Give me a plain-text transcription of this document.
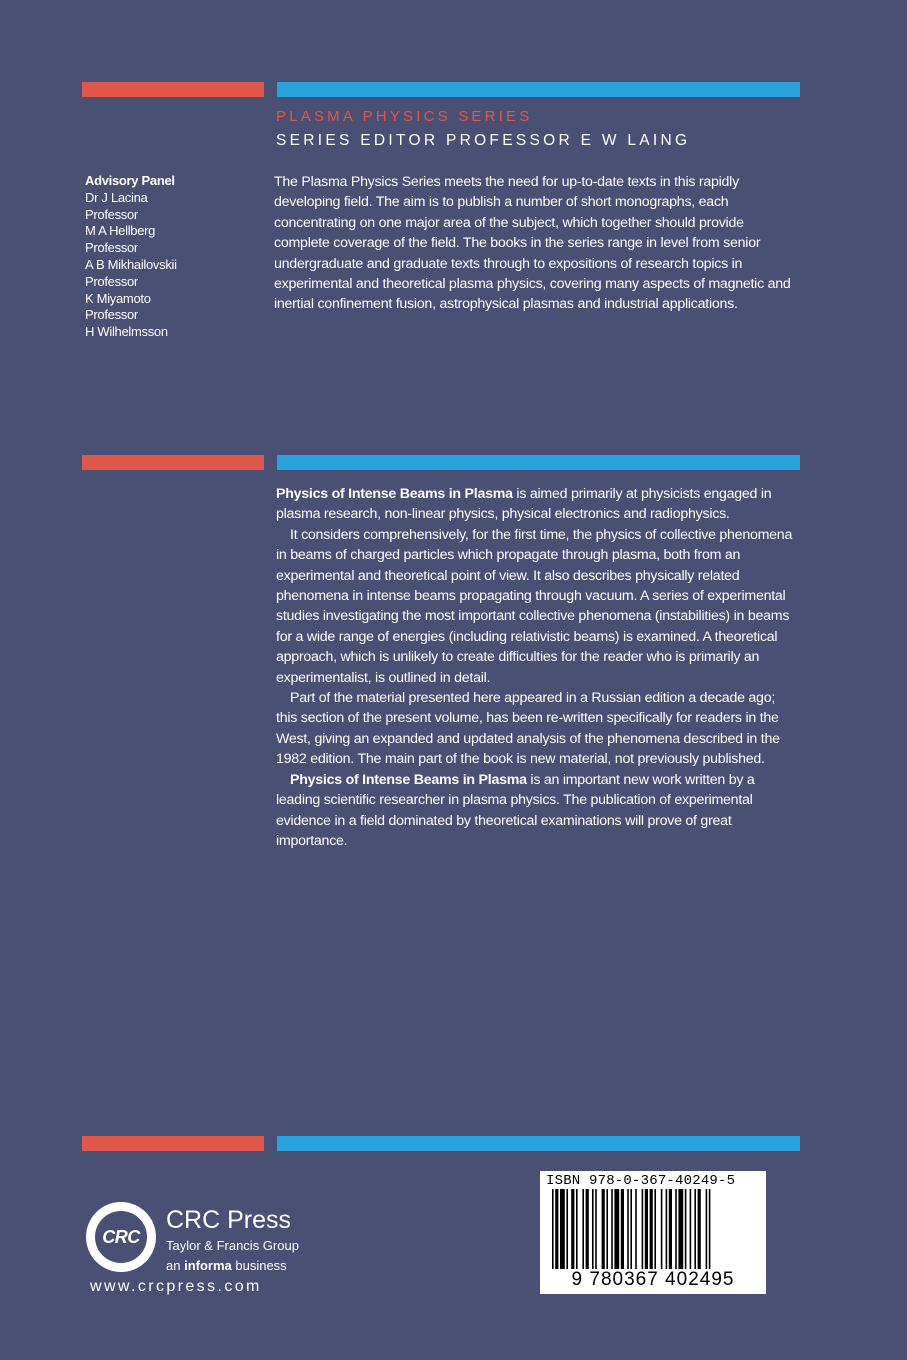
PLASMA PHYSICS SERIES
SERIES EDITOR PROFESSOR E W LAING
Advisory Panel
Dr J Lacina
Professor
M A Hellberg
Professor
A B Mikhailovskii
Professor
K Miyamoto
Professor
H Wilhelmsson
The Plasma Physics Series meets the need for up-to-date texts in this rapidly developing field. The aim is to publish a number of short monographs, each concentrating on one major area of the subject, which together should provide complete coverage of the field. The books in the series range in level from senior undergraduate and graduate texts through to expositions of research topics in experimental and theoretical plasma physics, covering many aspects of magnetic and inertial confinement fusion, astrophysical plasmas and industrial applications.

Physics of Intense Beams in Plasma is aimed primarily at physicists engaged in plasma research, non-linear physics, physical electronics and radiophysics.

It considers comprehensively, for the first time, the physics of collective phenomena in beams of charged particles which propagate through plasma, both from an experimental and theoretical point of view. It also describes physically related phenomena in intense beams propagating through vacuum. A series of experimental studies investigating the most important collective phenomena (instabilities) in beams for a wide range of energies (including relativistic beams) is examined. A theoretical approach, which is unlikely to create difficulties for the reader who is primarily an experimentalist, is outlined in detail.

Part of the material presented here appeared in a Russian edition a decade ago; this section of the present volume, has been re-written specifically for readers in the West, giving an expanded and updated analysis of the phenomena described in the 1982 edition. The main part of the book is new material, not previously published.

Physics of Intense Beams in Plasma is an important new work written by a leading scientific researcher in plasma physics. The publication of experimental evidence in a field dominated by theoretical examinations will prove of great importance.

CRC
CRC Press
Taylor & Francis Group
an informa business
www.crcpress.com
ISBN 978-0-367-40249-5
9 780367 402495
